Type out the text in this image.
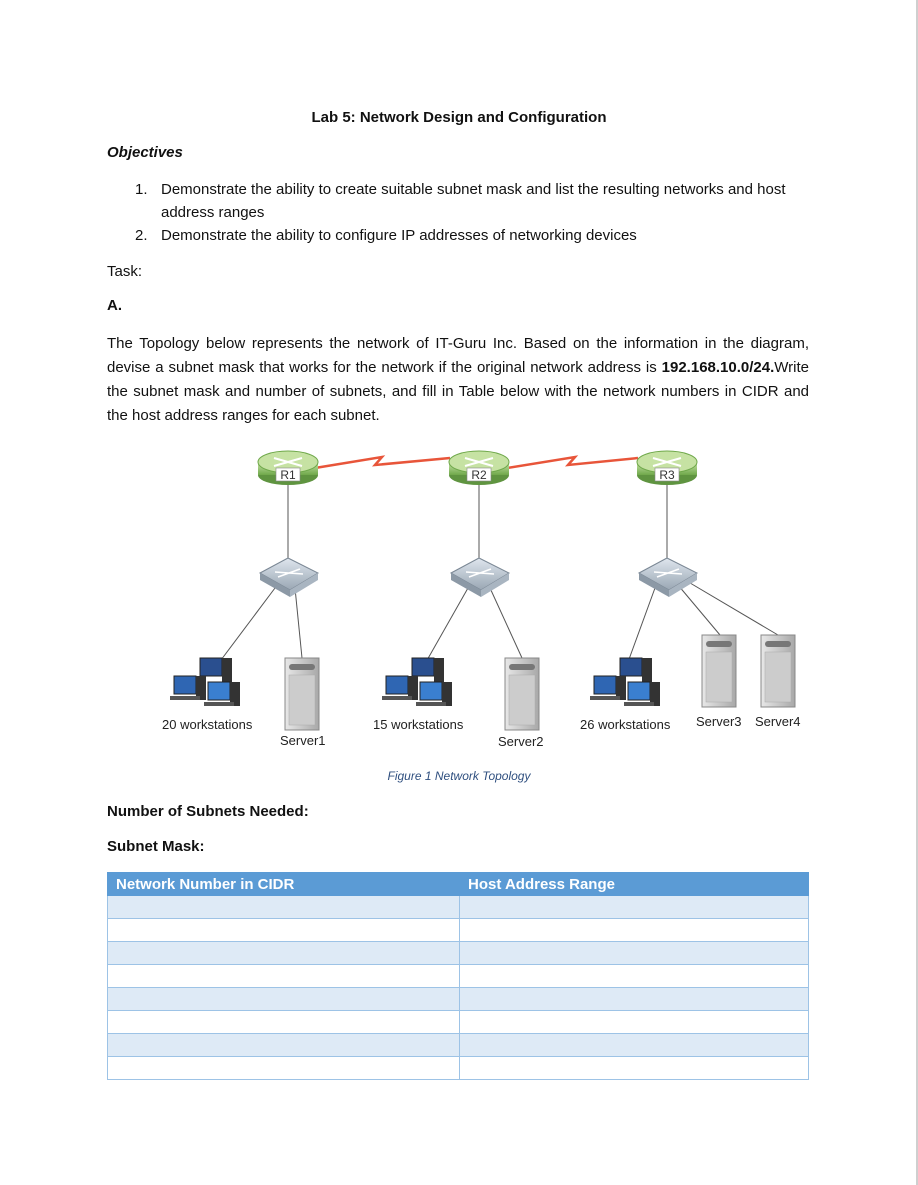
Lab 5: Network Design and Configuration
Objectives
1. Demonstrate the ability to create suitable subnet mask and list the resulting networks and host address ranges
2. Demonstrate the ability to configure IP addresses of networking devices
Task:
A.
The Topology below represents the network of IT-Guru Inc. Based on the information in the diagram, devise a subnet mask that works for the network if the original network address is 192.168.10.0/24.Write the subnet mask and number of subnets, and fill in Table below with the network numbers in CIDR and the host address ranges for each subnet.
R1	R2	R3
20 workstations
Server1
15 workstations
Server2
26 workstations Server3 Server4
Figure 1 Network Topology
Number of Subnets Needed:
Subnet Mask:
Network Number in CIDR	Host Address Range
